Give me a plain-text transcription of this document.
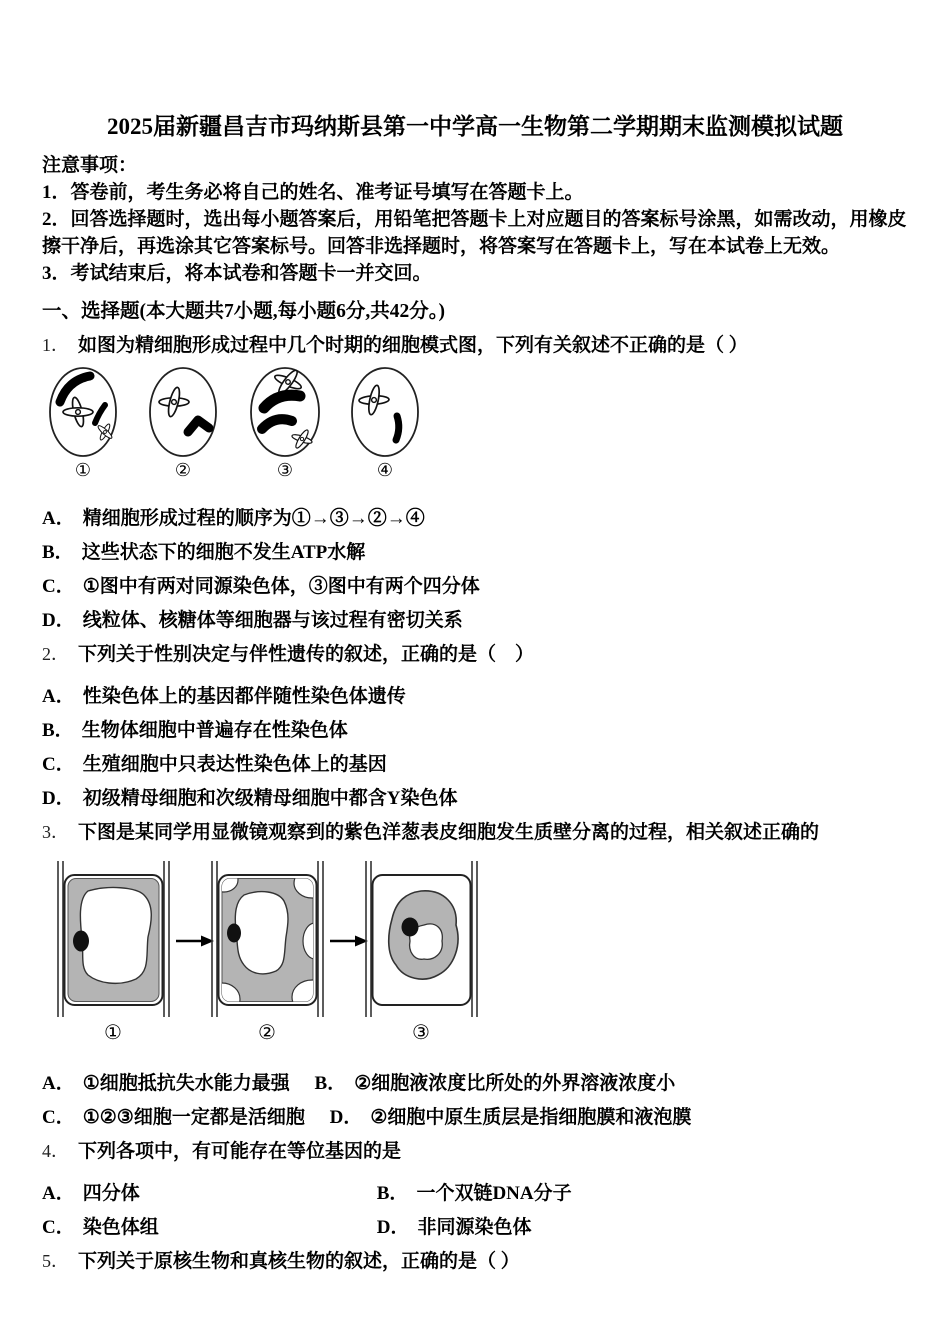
2025届新疆昌吉市玛纳斯县第一中学高一生物第二学期期末监测模拟试题

注意事项：

1．答卷前，考生务必将自己的姓名、准考证号填写在答题卡上。

2．回答选择题时，选出每小题答案后，用铅笔把答题卡上对应题目的答案标号涂黑，如需改动，用橡皮擦干净后，再选涂其它答案标号。回答非选择题时，将答案写在答题卡上，写在本试卷上无效。

3．考试结束后，将本试卷和答题卡一并交回。

一、选择题(本大题共7小题,每小题6分,共42分。)

1． 如图为精细胞形成过程中几个时期的细胞模式图，下列有关叙述不正确的是（ ）

①	②	③	④

A． 精细胞形成过程的顺序为①→③→②→④

B． 这些状态下的细胞不发生ATP水解

C． ①图中有两对同源染色体，③图中有两个四分体

D． 线粒体、核糖体等细胞器与该过程有密切关系

2． 下列关于性别决定与伴性遗传的叙述，正确的是（　）

A． 性染色体上的基因都伴随性染色体遗传

B． 生物体细胞中普遍存在性染色体

C． 生殖细胞中只表达性染色体上的基因

D． 初级精母细胞和次级精母细胞中都含Y染色体

3． 下图是某同学用显微镜观察到的紫色洋葱表皮细胞发生质壁分离的过程，相关叙述正确的

①	②	③

A． ①细胞抵抗失水能力最强 B． ②细胞液浓度比所处的外界溶液浓度小

C． ①②③细胞一定都是活细胞 D． ②细胞中原生质层是指细胞膜和液泡膜

4． 下列各项中，有可能存在等位基因的是

A． 四分体	B． 一个双链DNA分子

C． 染色体组	D． 非同源染色体

5． 下列关于原核生物和真核生物的叙述，正确的是（ ）
